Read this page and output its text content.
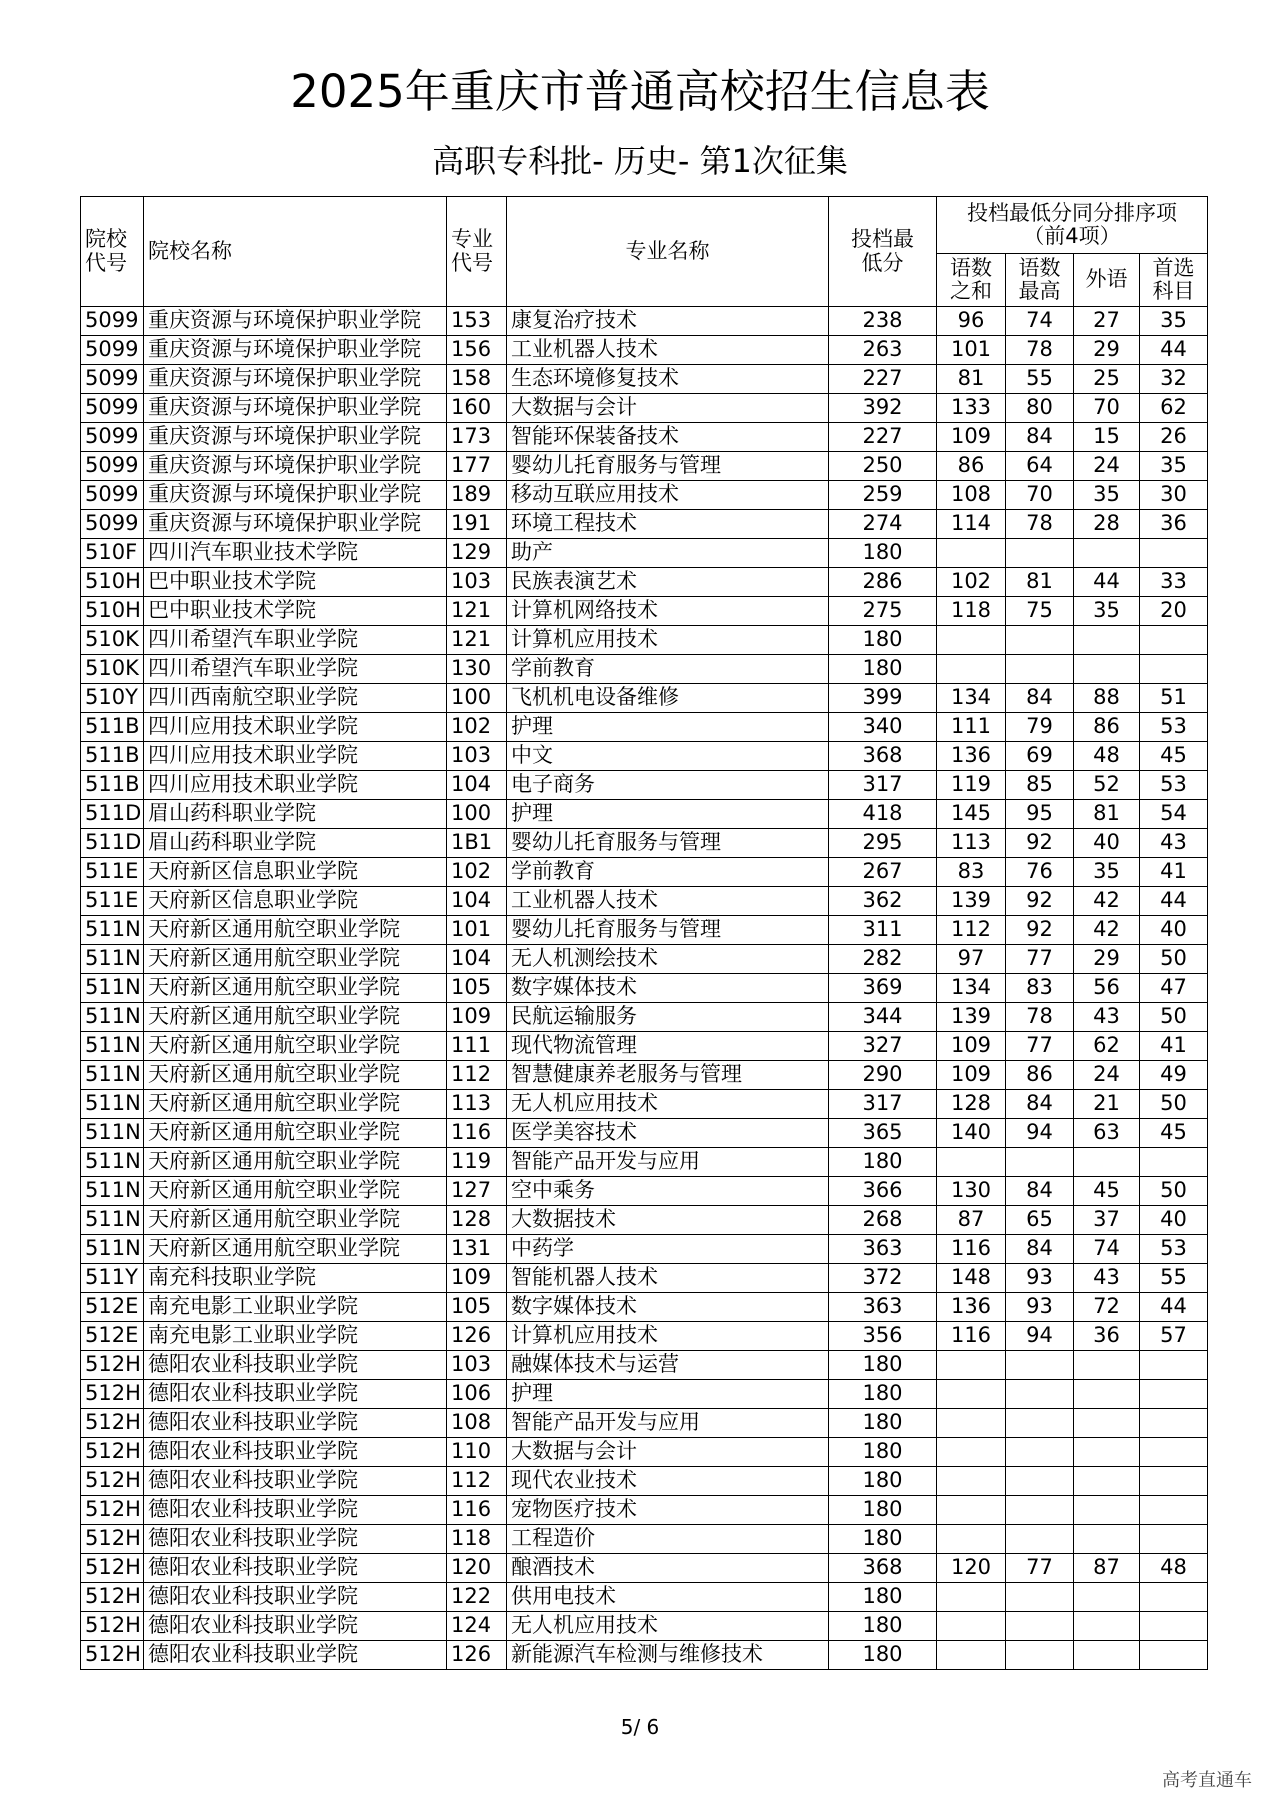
2025年重庆市普通高校招生信息表
高职专科批- 历史- 第1次征集
院校代号	院校名称	专业代号	专业名称	投档最低分	投档最低分同分排序项（前4项）			
					语数之和	语数最高	外语	首选科目
5099	重庆资源与环境保护职业学院	153	康复治疗技术	238	96	74	27	35
5099	重庆资源与环境保护职业学院	156	工业机器人技术	263	101	78	29	44
5099	重庆资源与环境保护职业学院	158	生态环境修复技术	227	81	55	25	32
5099	重庆资源与环境保护职业学院	160	大数据与会计	392	133	80	70	62
5099	重庆资源与环境保护职业学院	173	智能环保装备技术	227	109	84	15	26
5099	重庆资源与环境保护职业学院	177	婴幼儿托育服务与管理	250	86	64	24	35
5099	重庆资源与环境保护职业学院	189	移动互联应用技术	259	108	70	35	30
5099	重庆资源与环境保护职业学院	191	环境工程技术	274	114	78	28	36
510F	四川汽车职业技术学院	129	助产	180				
510H	巴中职业技术学院	103	民族表演艺术	286	102	81	44	33
510H	巴中职业技术学院	121	计算机网络技术	275	118	75	35	20
510K	四川希望汽车职业学院	121	计算机应用技术	180				
510K	四川希望汽车职业学院	130	学前教育	180				
510Y	四川西南航空职业学院	100	飞机机电设备维修	399	134	84	88	51
511B	四川应用技术职业学院	102	护理	340	111	79	86	53
511B	四川应用技术职业学院	103	中文	368	136	69	48	45
511B	四川应用技术职业学院	104	电子商务	317	119	85	52	53
511D	眉山药科职业学院	100	护理	418	145	95	81	54
511D	眉山药科职业学院	1B1	婴幼儿托育服务与管理	295	113	92	40	43
511E	天府新区信息职业学院	102	学前教育	267	83	76	35	41
511E	天府新区信息职业学院	104	工业机器人技术	362	139	92	42	44
511N	天府新区通用航空职业学院	101	婴幼儿托育服务与管理	311	112	92	42	40
511N	天府新区通用航空职业学院	104	无人机测绘技术	282	97	77	29	50
511N	天府新区通用航空职业学院	105	数字媒体技术	369	134	83	56	47
511N	天府新区通用航空职业学院	109	民航运输服务	344	139	78	43	50
511N	天府新区通用航空职业学院	111	现代物流管理	327	109	77	62	41
511N	天府新区通用航空职业学院	112	智慧健康养老服务与管理	290	109	86	24	49
511N	天府新区通用航空职业学院	113	无人机应用技术	317	128	84	21	50
511N	天府新区通用航空职业学院	116	医学美容技术	365	140	94	63	45
511N	天府新区通用航空职业学院	119	智能产品开发与应用	180				
511N	天府新区通用航空职业学院	127	空中乘务	366	130	84	45	50
511N	天府新区通用航空职业学院	128	大数据技术	268	87	65	37	40
511N	天府新区通用航空职业学院	131	中药学	363	116	84	74	53
511Y	南充科技职业学院	109	智能机器人技术	372	148	93	43	55
512E	南充电影工业职业学院	105	数字媒体技术	363	136	93	72	44
512E	南充电影工业职业学院	126	计算机应用技术	356	116	94	36	57
512H	德阳农业科技职业学院	103	融媒体技术与运营	180				
512H	德阳农业科技职业学院	106	护理	180				
512H	德阳农业科技职业学院	108	智能产品开发与应用	180				
512H	德阳农业科技职业学院	110	大数据与会计	180				
512H	德阳农业科技职业学院	112	现代农业技术	180				
512H	德阳农业科技职业学院	116	宠物医疗技术	180				
512H	德阳农业科技职业学院	118	工程造价	180				
512H	德阳农业科技职业学院	120	酿酒技术	368	120	77	87	48
512H	德阳农业科技职业学院	122	供用电技术	180				
512H	德阳农业科技职业学院	124	无人机应用技术	180				
512H	德阳农业科技职业学院	126	新能源汽车检测与维修技术	180				
5/ 6
高考直通车
